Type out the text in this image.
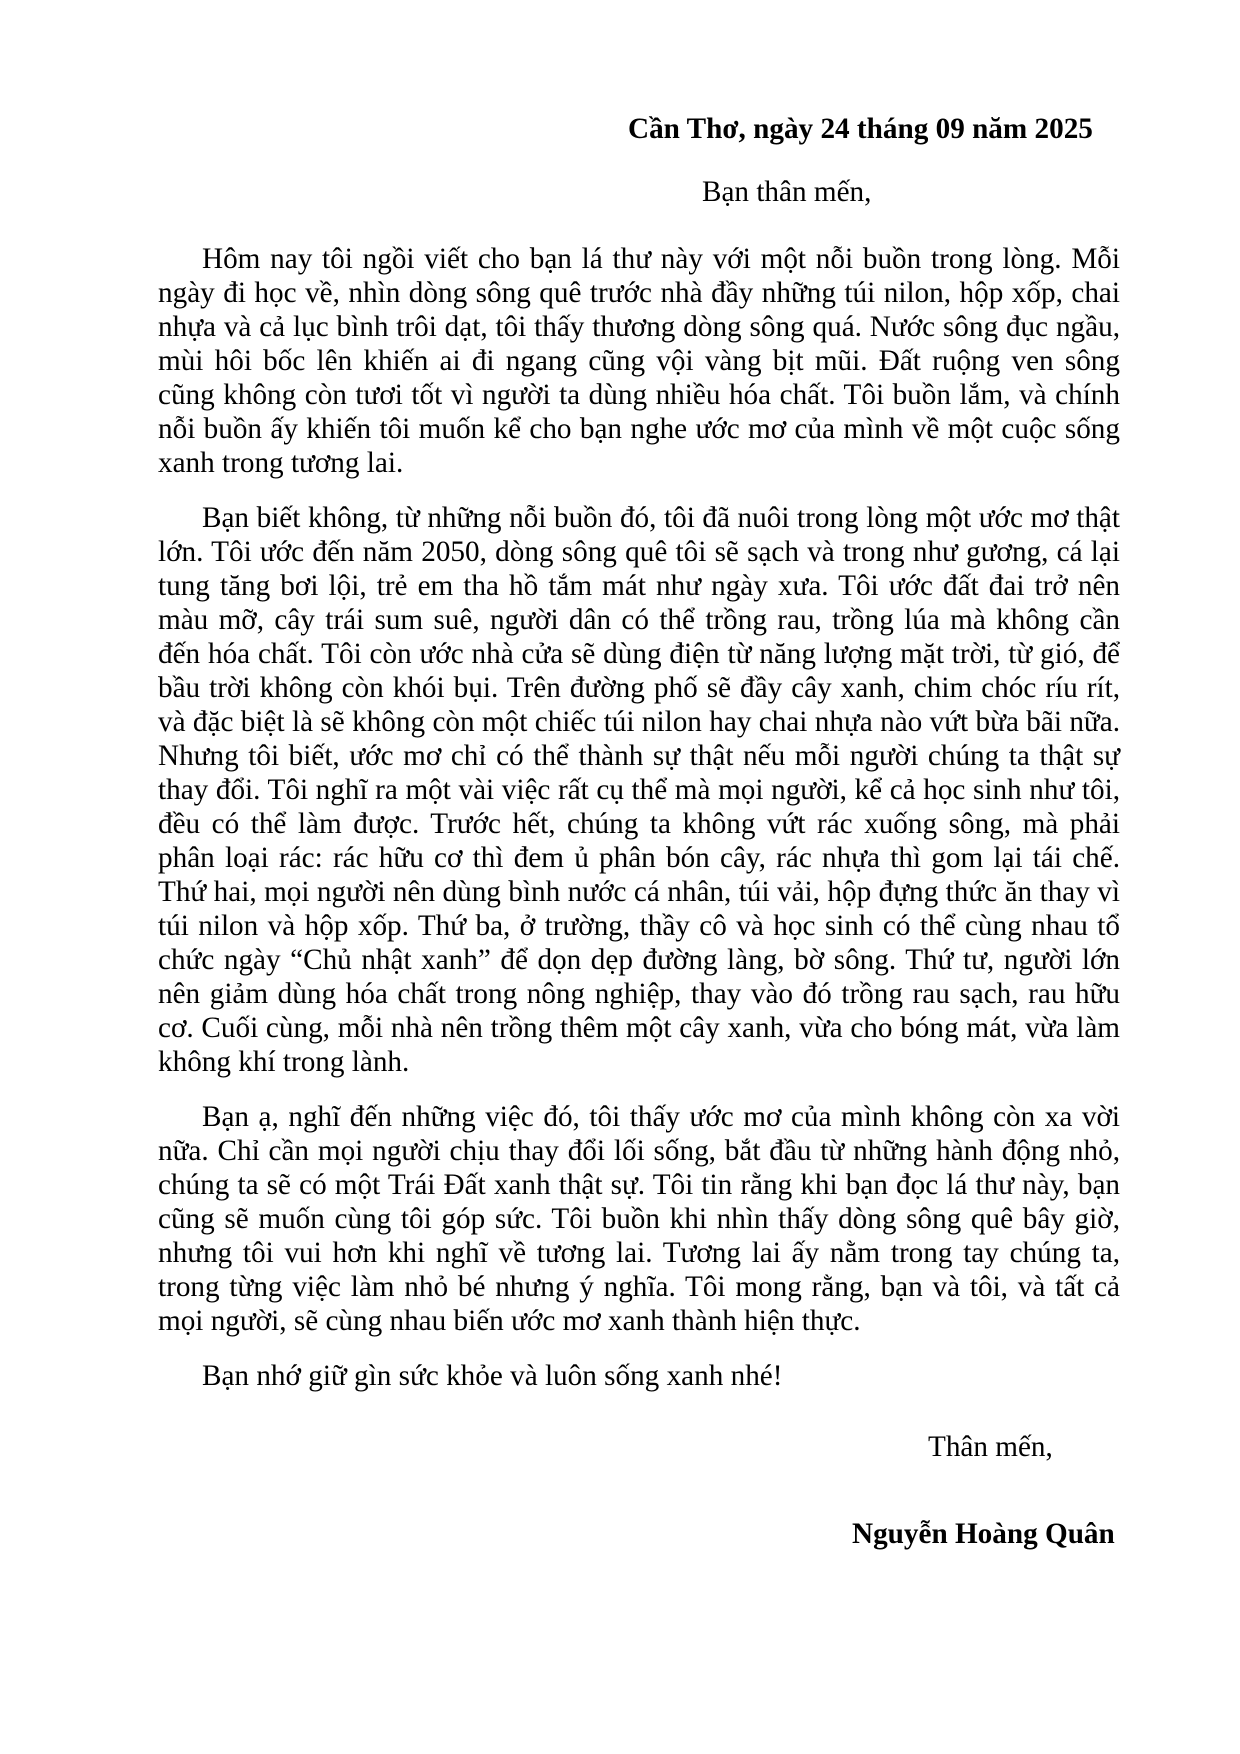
Cần Thơ, ngày 24 tháng 09 năm 2025
Bạn thân mến,

Hôm nay tôi ngồi viết cho bạn lá thư này với một nỗi buồn trong lòng. Mỗi ngày đi học về, nhìn dòng sông quê trước nhà đầy những túi nilon, hộp xốp, chai nhựa và cả lục bình trôi dạt, tôi thấy thương dòng sông quá. Nước sông đục ngầu, mùi hôi bốc lên khiến ai đi ngang cũng vội vàng bịt mũi. Đất ruộng ven sông cũng không còn tươi tốt vì người ta dùng nhiều hóa chất. Tôi buồn lắm, và chính nỗi buồn ấy khiến tôi muốn kể cho bạn nghe ước mơ của mình về một cuộc sống xanh trong tương lai.

Bạn biết không, từ những nỗi buồn đó, tôi đã nuôi trong lòng một ước mơ thật lớn. Tôi ước đến năm 2050, dòng sông quê tôi sẽ sạch và trong như gương, cá lại tung tăng bơi lội, trẻ em tha hồ tắm mát như ngày xưa. Tôi ước đất đai trở nên màu mỡ, cây trái sum suê, người dân có thể trồng rau, trồng lúa mà không cần đến hóa chất. Tôi còn ước nhà cửa sẽ dùng điện từ năng lượng mặt trời, từ gió, để bầu trời không còn khói bụi. Trên đường phố sẽ đầy cây xanh, chim chóc ríu rít, và đặc biệt là sẽ không còn một chiếc túi nilon hay chai nhựa nào vứt bừa bãi nữa. Nhưng tôi biết, ước mơ chỉ có thể thành sự thật nếu mỗi người chúng ta thật sự thay đổi. Tôi nghĩ ra một vài việc rất cụ thể mà mọi người, kể cả học sinh như tôi, đều có thể làm được. Trước hết, chúng ta không vứt rác xuống sông, mà phải phân loại rác: rác hữu cơ thì đem ủ phân bón cây, rác nhựa thì gom lại tái chế. Thứ hai, mọi người nên dùng bình nước cá nhân, túi vải, hộp đựng thức ăn thay vì túi nilon và hộp xốp. Thứ ba, ở trường, thầy cô và học sinh có thể cùng nhau tổ chức ngày “Chủ nhật xanh” để dọn dẹp đường làng, bờ sông. Thứ tư, người lớn nên giảm dùng hóa chất trong nông nghiệp, thay vào đó trồng rau sạch, rau hữu cơ. Cuối cùng, mỗi nhà nên trồng thêm một cây xanh, vừa cho bóng mát, vừa làm không khí trong lành.

Bạn ạ, nghĩ đến những việc đó, tôi thấy ước mơ của mình không còn xa vời nữa. Chỉ cần mọi người chịu thay đổi lối sống, bắt đầu từ những hành động nhỏ, chúng ta sẽ có một Trái Đất xanh thật sự. Tôi tin rằng khi bạn đọc lá thư này, bạn cũng sẽ muốn cùng tôi góp sức. Tôi buồn khi nhìn thấy dòng sông quê bây giờ, nhưng tôi vui hơn khi nghĩ về tương lai. Tương lai ấy nằm trong tay chúng ta, trong từng việc làm nhỏ bé nhưng ý nghĩa. Tôi mong rằng, bạn và tôi, và tất cả mọi người, sẽ cùng nhau biến ước mơ xanh thành hiện thực.

Bạn nhớ giữ gìn sức khỏe và luôn sống xanh nhé!

Thân mến,
Nguyễn Hoàng Quân
